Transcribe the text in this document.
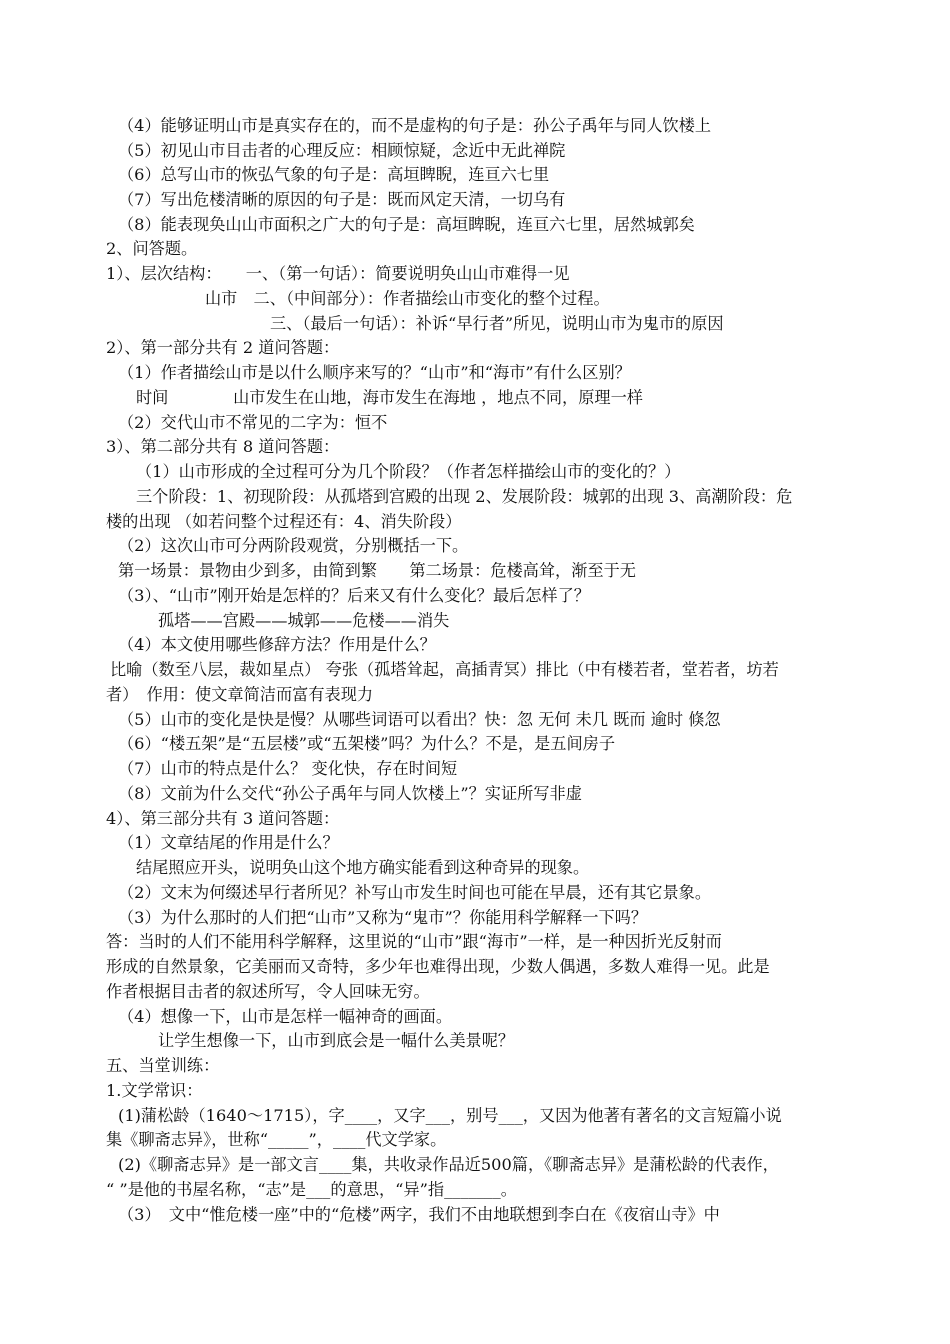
（4）能够证明山市是真实存在的，而不是虚构的句子是：孙公子禹年与同人饮楼上
（5）初见山市目击者的心理反应：相顾惊疑，念近中无此禅院
（6）总写山市的恢弘气象的句子是：高垣睥睨，连亘六七里
（7）写出危楼清晰的原因的句子是：既而风定天清，一切乌有
（8）能表现奂山山市面积之广大的句子是：高垣睥睨，连亘六七里，居然城郭矣
2、问答题。
1）、层次结构：　　一、（第一句话）：简要说明奂山山市难得一见
山市　二、（中间部分）：作者描绘山市变化的整个过程。
三、（最后一句话）：补诉“早行者”所见，说明山市为鬼市的原因
2）、第一部分共有 2 道问答题：
（1）作者描绘山市是以什么顺序来写的？“山市”和“海市”有什么区别？
时间　　　　山市发生在山地，海市发生在海地 ，地点不同，原理一样
（2）交代山市不常见的二字为：恒不
3）、第二部分共有 8 道问答题：
（1）山市形成的全过程可分为几个阶段？（作者怎样描绘山市的变化的？）
三个阶段：1、初现阶段：从孤塔到宫殿的出现 2、发展阶段：城郭的出现 3、高潮阶段：危
楼的出现 （如若问整个过程还有：4、消失阶段）
（2）这次山市可分两阶段观赏，分别概括一下。
第一场景：景物由少到多，由简到繁　　第二场景：危楼高耸，渐至于无
（3）、“山市”刚开始是怎样的？后来又有什么变化？最后怎样了？
孤塔——宫殿——城郭——危楼——消失
（4）本文使用哪些修辞方法？作用是什么？
比喻（数至八层，裁如星点） 夸张（孤塔耸起，高插青冥）排比（中有楼若者，堂若者，坊若
者）　作用：使文章简洁而富有表现力
（5）山市的变化是快是慢？从哪些词语可以看出？快：忽 无何 未几 既而 逾时 倏忽
（6）“楼五架”是“五层楼”或“五架楼”吗？为什么？不是，是五间房子
（7）山市的特点是什么？ 变化快，存在时间短
（8）文前为什么交代“孙公子禹年与同人饮楼上”？实证所写非虚
4）、第三部分共有 3 道问答题：
（1）文章结尾的作用是什么？
结尾照应开头，说明奂山这个地方确实能看到这种奇异的现象。
（2）文末为何缀述早行者所见？补写山市发生时间也可能在早晨，还有其它景象。
（3）为什么那时的人们把“山市”又称为“鬼市”？你能用科学解释一下吗？
答：当时的人们不能用科学解释，这里说的“山市”跟“海市”一样，是一种因折光反射而
形成的自然景象，它美丽而又奇特，多少年也难得出现，少数人偶遇，多数人难得一见。此是
作者根据目击者的叙述所写，令人回味无穷。
（4）想像一下，山市是怎样一幅神奇的画面。
让学生想像一下，山市到底会是一幅什么美景呢？
五、当堂训练：
1.文学常识：
(1)蒲松龄（1640～1715），字____，又字___，别号___，又因为他著有著名的文言短篇小说
集《聊斋志异》，世称“_____”，____代文学家。
(2)《聊斋志异》是一部文言____集，共收录作品近500篇，《聊斋志异》是蒲松龄的代表作，
“ ”是他的书屋名称，“志”是___的意思，“异”指_______。
（3）　文中“惟危楼一座”中的“危楼”两字，我们不由地联想到李白在《夜宿山寺》中
